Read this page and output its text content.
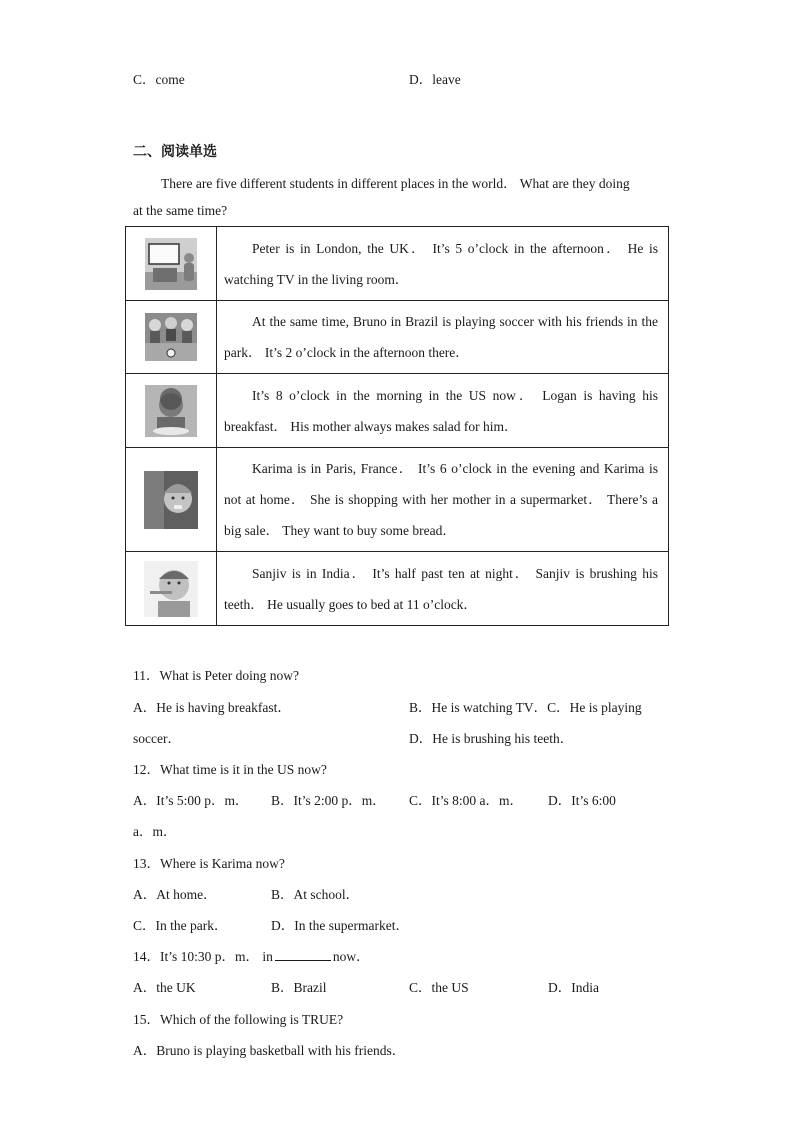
C．come	D．leave
二、阅读单选
There are five different students in different places in the world． What are they doing
at the same time?
	Peter is in London, the UK． It’s 5 o’clock in the afternoon． He is watching TV in the living room．

	At the same time, Bruno in Brazil is playing soccer with his friends in the park． It’s 2 o’clock in the afternoon there．

	It’s 8 o’clock in the morning in the US now． Logan is having his breakfast． His mother always makes salad for him．

	Karima is in Paris, France． It’s 6 o’clock in the evening and Karima is not at home． She is shopping with her mother in a supermarket． There’s a big sale． They want to buy some bread．

	Sanjiv is in India． It’s half past ten at night． Sanjiv is brushing his teeth． He usually goes to bed at 11 o’clock．
11．What is Peter doing now?
A．He is having breakfast．	B．He is watching TV．C．He is playing
soccer．	D．He is brushing his teeth．
12．What time is it in the US now?
A．It’s 5:00 p．m． B．It’s 2:00 p．m． C．It’s 8:00 a．m． D．It’s 6:00
a．m．
13．Where is Karima now?
A．At home．	B．At school．
C．In the park．	D．In the supermarket．
14．It’s 10:30 p．m． in	now．
A．the UK	B．Brazil	C．the US	D．India
15．Which of the following is TRUE?
A．Bruno is playing basketball with his friends．
